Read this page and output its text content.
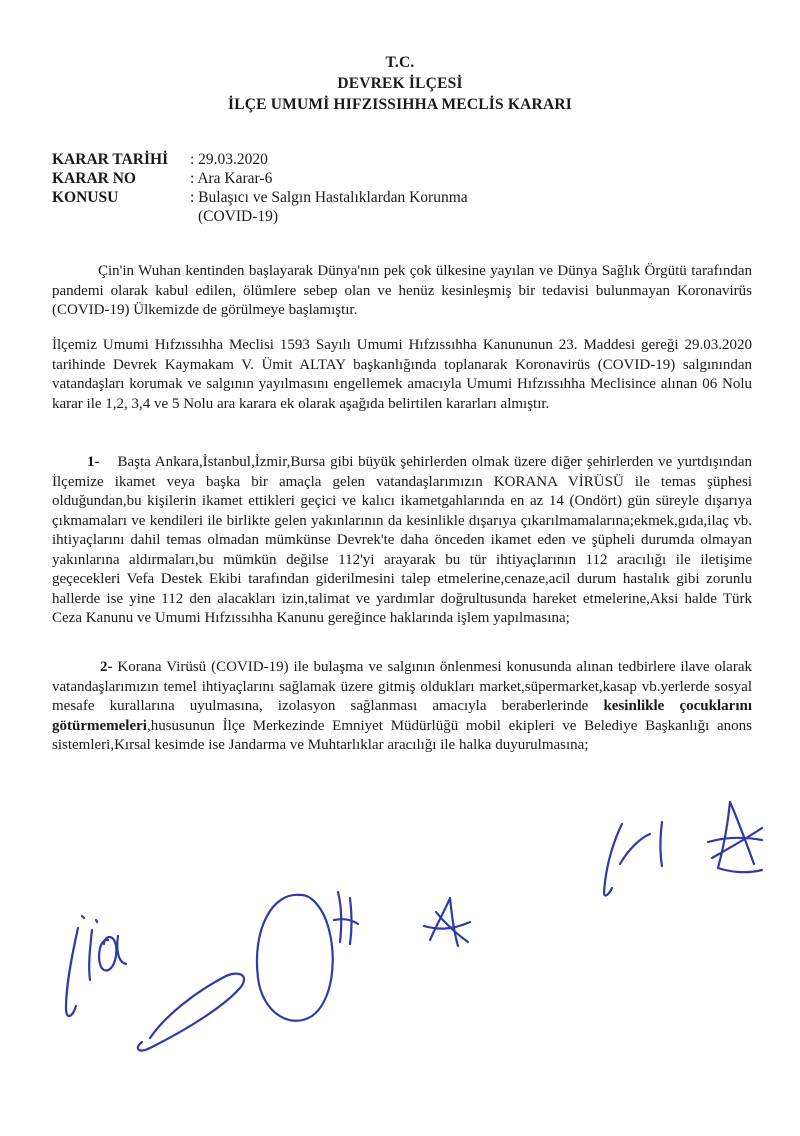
T.C.
DEVREK İLÇESİ
İLÇE UMUMİ HIFZISSIHHA MECLİS KARARI
KARAR TARİHİ	: 29.03.2020
KARAR NO	: Ara Karar-6
KONUSU	: Bulaşıcı ve Salgın Hastalıklardan Korunma
(COVID-19)
Çin'in Wuhan kentinden başlayarak Dünya'nın pek çok ülkesine yayılan ve Dünya Sağlık Örgütü tarafından pandemi olarak kabul edilen, ölümlere sebep olan ve henüz kesinleşmiş bir tedavisi bulunmayan Koronavirüs (COVID-19) Ülkemizde de görülmeye başlamıştır.
İlçemiz Umumi Hıfzıssıhha Meclisi 1593 Sayılı Umumi Hıfzıssıhha Kanununun 23. Maddesi gereği 29.03.2020 tarihinde Devrek Kaymakam V. Ümit ALTAY başkanlığında toplanarak Koronavirüs (COVID-19) salgınından vatandaşları korumak ve salgının yayılmasını engellemek amacıyla Umumi Hıfzıssıhha Meclisince alınan 06 Nolu karar ile 1,2, 3,4 ve 5 Nolu ara karara ek olarak aşağıda belirtilen kararları almıştır.
1- Başta Ankara,İstanbul,İzmir,Bursa gibi büyük şehirlerden olmak üzere diğer şehirlerden ve yurtdışından İlçemize ikamet veya başka bir amaçla gelen vatandaşlarımızın KORANA VİRÜSÜ ile temas şüphesi olduğundan,bu kişilerin ikamet ettikleri geçici ve kalıcı ikametgahlarında en az 14 (Ondört) gün süreyle dışarıya çıkmamaları ve kendileri ile birlikte gelen yakınlarının da kesinlikle dışarıya çıkarılmamalarına;ekmek,gıda,ilaç vb. ihtiyaçlarını dahil temas olmadan mümkünse Devrek'te daha önceden ikamet eden ve şüpheli durumda olmayan yakınlarına aldırmaları,bu mümkün değilse 112'yi arayarak bu tür ihtiyaçlarının 112 aracılığı ile iletişime geçecekleri Vefa Destek Ekibi tarafından giderilmesini talep etmelerine,cenaze,acil durum hastalık gibi zorunlu hallerde ise yine 112 den alacakları izin,talimat ve yardımlar doğrultusunda hareket etmelerine,Aksi halde Türk Ceza Kanunu ve Umumi Hıfzıssıhha Kanunu gereğince haklarında işlem yapılmasına;
2- Korana Virüsü (COVID-19) ile bulaşma ve salgının önlenmesi konusunda alınan tedbirlere ilave olarak vatandaşlarımızın temel ihtiyaçlarını sağlamak üzere gitmiş oldukları market,süpermarket,kasap vb.yerlerde sosyal mesafe kurallarına uyulmasına, izolasyon sağlanması amacıyla beraberlerinde kesinlikle çocuklarını götürmemeleri,hususunun İlçe Merkezinde Emniyet Müdürlüğü mobil ekipleri ve Belediye Başkanlığı anons sistemleri,Kırsal kesimde ise Jandarma ve Muhtarlıklar aracılığı ile halka duyurulmasına;
